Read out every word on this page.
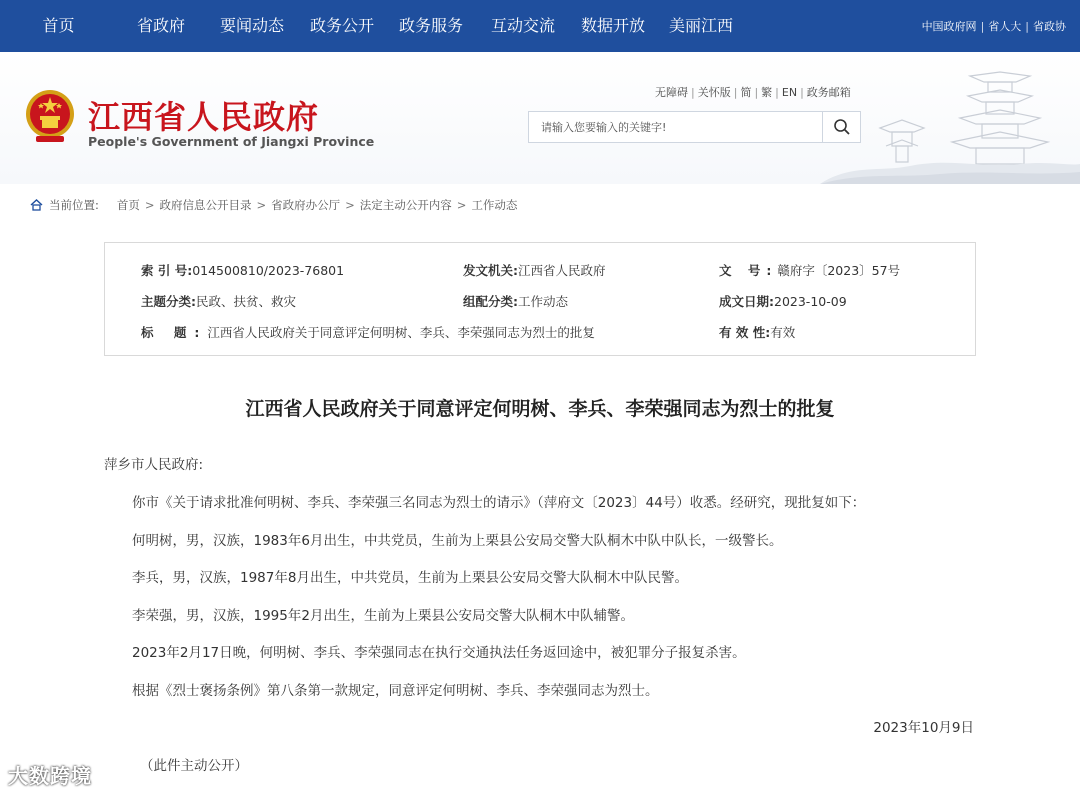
首页	省政府	要闻动态	政务公开	政务服务	互动交流	数据开放	美丽江西	中国政府网 | 省人大 | 省政协
江西省人民政府
People's Government of Jiangxi Province
无障碍 | 关怀版 | 简 | 繁 | EN | 政务邮箱
请输入您要输入的关键字!
当前位置: 首页 > 政府信息公开目录 > 省政府办公厅 > 法定主动公开内容 > 工作动态
索 引 号:014500810/2023-76801	发文机关:江西省人民政府	文 号:赣府字〔2023〕57号
主题分类:民政、扶贫、救灾	组配分类:工作动态	成文日期:2023-10-09
标 题:江西省人民政府关于同意评定何明树、李兵、李荣强同志为烈士的批复	有 效 性:有效
江西省人民政府关于同意评定何明树、李兵、李荣强同志为烈士的批复
萍乡市人民政府:
你市《关于请求批准何明树、李兵、李荣强三名同志为烈士的请示》（萍府文〔2023〕44号）收悉。经研究，现批复如下：
何明树，男，汉族，1983年6月出生，中共党员，生前为上栗县公安局交警大队桐木中队中队长，一级警长。
李兵，男，汉族，1987年8月出生，中共党员，生前为上栗县公安局交警大队桐木中队民警。
李荣强，男，汉族，1995年2月出生，生前为上栗县公安局交警大队桐木中队辅警。
2023年2月17日晚，何明树、李兵、李荣强同志在执行交通执法任务返回途中，被犯罪分子报复杀害。
根据《烈士褒扬条例》第八条第一款规定，同意评定何明树、李兵、李荣强同志为烈士。
2023年10月9日
（此件主动公开）
大数跨境
